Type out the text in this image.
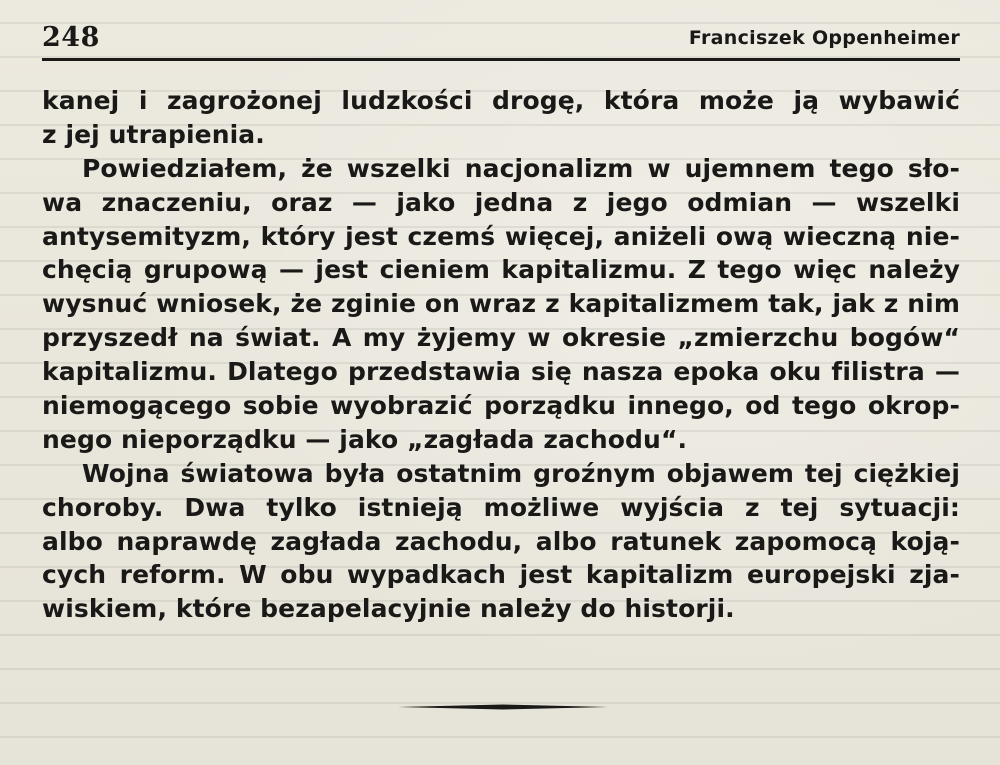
248	Franciszek Oppenheimer
kanej i zagrożonej ludzkości drogę, która może ją wybawić
z jej utrapienia.
Powiedziałem, że wszelki nacjonalizm w ujemnem tego sło-
wa znaczeniu, oraz — jako jedna z jego odmian — wszelki
antysemityzm, który jest czemś więcej, aniżeli ową wieczną nie-
chęcią grupową — jest cieniem kapitalizmu. Z tego więc należy
wysnuć wniosek, że zginie on wraz z kapitalizmem tak, jak z nim
przyszedł na świat. A my żyjemy w okresie „zmierzchu bogów“
kapitalizmu. Dlatego przedstawia się nasza epoka oku filistra —
niemogącego sobie wyobrazić porządku innego, od tego okrop-
nego nieporządku — jako „zagłada zachodu“.
Wojna światowa była ostatnim groźnym objawem tej ciężkiej
choroby. Dwa tylko istnieją możliwe wyjścia z tej sytuacji:
albo naprawdę zagłada zachodu, albo ratunek zapomocą koją-
cych reform. W obu wypadkach jest kapitalizm europejski zja-
wiskiem, które bezapelacyjnie należy do historji.
